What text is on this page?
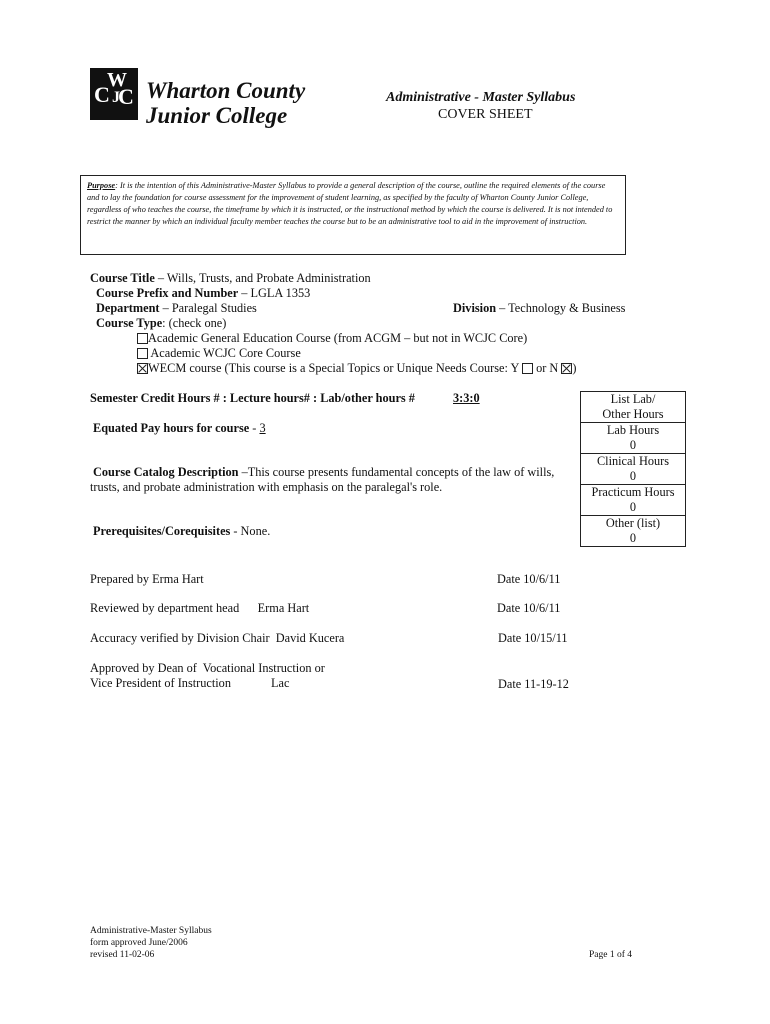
W
C J
C Wharton County
Junior College
Administrative - Master Syllabus
COVER SHEET
Purpose: It is the intention of this Administrative-Master Syllabus to provide a general description of the course, outline the required elements of the course and to lay the foundation for course assessment for the improvement of student learning, as specified by the faculty of Wharton County Junior College, regardless of who teaches the course, the timeframe by which it is instructed, or the instructional method by which the course is delivered. It is not intended to restrict the manner by which an individual faculty member teaches the course but to be an administrative tool to aid in the improvement of instruction.
Course Title – Wills, Trusts, and Probate Administration
Course Prefix and Number – LGLA 1353
Department – Paralegal Studies	Division – Technology & Business
Course Type: (check one)
Academic General Education Course (from ACGM – but not in WCJC Core)
Academic WCJC Core Course
WECM course (This course is a Special Topics or Unique Needs Course: Y  or N )
Semester Credit Hours # : Lecture hours# : Lab/other hours #	3:3:0
Equated Pay hours for course - 3
List Lab/
Other Hours

Lab Hours
0

Clinical Hours
0

Practicum Hours
0

Other (list)
0
Course Catalog Description –This course presents fundamental concepts of the law of wills,
trusts, and probate administration with emphasis on the paralegal's role.
Prerequisites/Corequisites - None.
Prepared by Erma Hart	Date 10/6/11
Reviewed by department head      Erma Hart	Date 10/6/11
Accuracy verified by Division Chair  David Kucera	Date 10/15/11
Approved by Dean of  Vocational Instruction or
Vice President of Instruction	Lac	Date 11-19-12
Administrative-Master Syllabus
form approved June/2006
revised 11-02-06	Page 1 of 4
